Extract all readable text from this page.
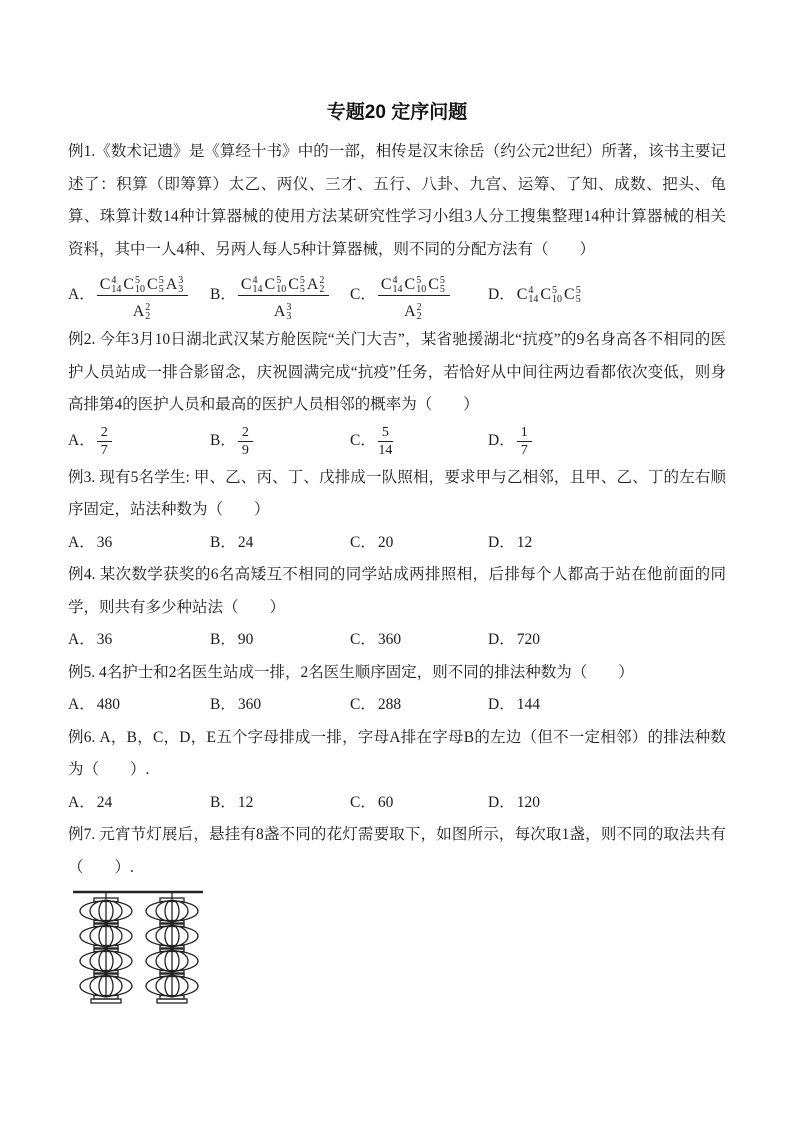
专题20 定序问题

例1.《数术记遗》是《算经十书》中的一部，相传是汉末徐岳（约公元2世纪）所著，该书主要记述了：积算（即筹算）太乙、两仪、三才、五行、八卦、九宫、运筹、了知、成数、把头、龟算、珠算计数14种计算器械的使用方法某研究性学习小组3人分工搜集整理14种计算器械的相关资料，其中一人4种、另两人每人5种计算器械，则不同的分配方法有（　　）

A． C 4
14 C 5
10 C 5
5 A 3
3
A 2
2 B． C 4
14 C 5
10 C 5
5 A 2
2
A 3
3 C． C 4
14 C 5
10 C 5
5
A 2
2 D． C 4
14 C 5
10 C 5
5

例2. 今年3月10日湖北武汉某方舱医院“关门大吉”，某省驰援湖北“抗疫”的9名身高各不相同的医护人员站成一排合影留念，庆祝圆满完成“抗疫”任务，若恰好从中间往两边看都依次变低，则身高排第4的医护人员和最高的医护人员相邻的概率为（　　）

A． $\frac{2}{7}$	B． $\frac{2}{9}$	C． $\frac{5}{14}$	D． $\frac{1}{7}$

例3. 现有5名学生: 甲、乙、丙、丁、戊排成一队照相，要求甲与乙相邻，且甲、乙、丁的左右顺序固定，站法种数为（　　）

A． 36	B． 24	C． 20	D． 12

例4. 某次数学获奖的6名高矮互不相同的同学站成两排照相，后排每个人都高于站在他前面的同学，则共有多少种站法（　　）

A． 36	B． 90	C． 360	D． 720

例5. 4名护士和2名医生站成一排，2名医生顺序固定，则不同的排法种数为（　　）

A． 480	B． 360	C． 288	D． 144

例6. A，B，C，D，E五个字母排成一排，字母A排在字母B的左边（但不一定相邻）的排法种数为（　　）.

A． 24	B． 12	C． 60	D． 120

例7. 元宵节灯展后，悬挂有8盏不同的花灯需要取下，如图所示，每次取1盏，则不同的取法共有（　　）.
